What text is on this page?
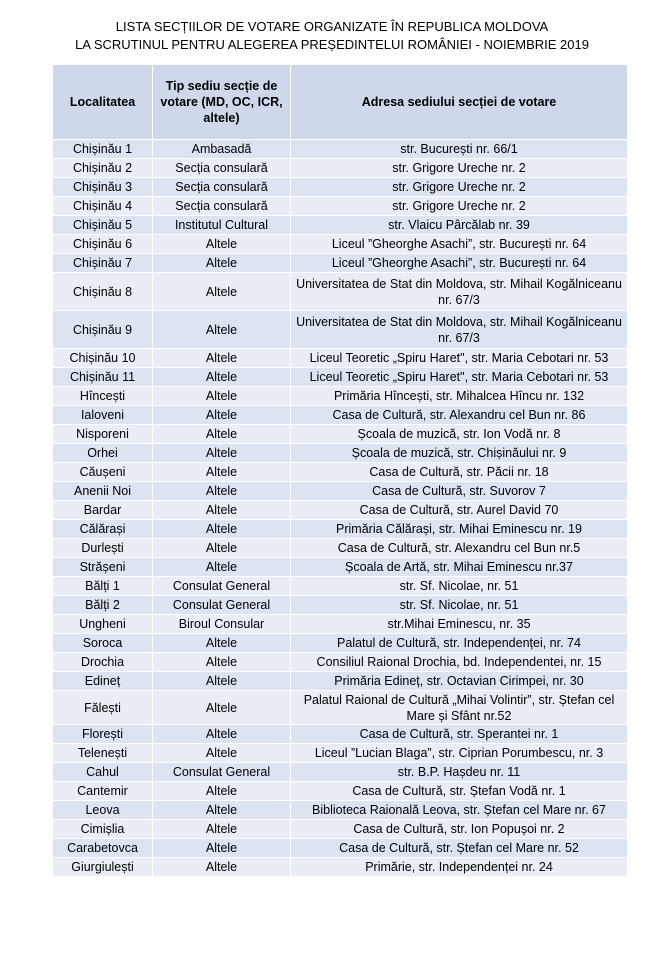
LISTA SECȚIILOR DE VOTARE ORGANIZATE ÎN REPUBLICA MOLDOVA
LA SCRUTINUL PENTRU ALEGEREA PREȘEDINTELUI ROMÂNIEI - NOIEMBRIE 2019
Localitatea	Tip sediu secție de votare (MD, OC, ICR, altele)	Adresa sediului secției de votare
Chișinău 1	Ambasadă	str. București nr. 66/1
Chișinău 2	Secția consulară	str. Grigore Ureche nr. 2
Chișinău 3	Secția consulară	str. Grigore Ureche nr. 2
Chișinău 4	Secția consulară	str. Grigore Ureche nr. 2
Chișinău 5	Institutul Cultural	str. Vlaicu Pârcălab nr. 39
Chișinău 6	Altele	Liceul ”Gheorghe Asachi”, str. București nr. 64
Chișinău 7	Altele	Liceul ”Gheorghe Asachi”, str. București nr. 64
Chișinău 8	Altele	Universitatea de Stat din Moldova, str. Mihail Kogălniceanu nr. 67/3
Chișinău 9	Altele	Universitatea de Stat din Moldova, str. Mihail Kogălniceanu nr. 67/3
Chișinău 10	Altele	Liceul Teoretic „Spiru Haret", str. Maria Cebotari nr. 53
Chișinău 11	Altele	Liceul Teoretic „Spiru Haret", str. Maria Cebotari nr. 53
Hîncești	Altele	Primăria Hîncești, str. Mihalcea Hîncu nr. 132
Ialoveni	Altele	Casa de Cultură, str. Alexandru cel Bun nr. 86
Nisporeni	Altele	Școala de muzică, str. Ion Vodă nr. 8
Orhei	Altele	Școala de muzică, str. Chișinăului nr. 9
Căușeni	Altele	Casa de Cultură, str. Păcii nr. 18
Anenii Noi	Altele	Casa de Cultură, str. Suvorov 7
Bardar	Altele	Casa de Cultură, str. Aurel David 70
Călărași	Altele	Primăria Călărași, str. Mihai Eminescu nr. 19
Durlești	Altele	Casa de Cultură, str. Alexandru cel Bun nr.5
Strășeni	Altele	Școala de Artă, str. Mihai Eminescu nr.37
Bălți 1	Consulat General	str. Sf. Nicolae, nr. 51
Bălți 2	Consulat General	str. Sf. Nicolae, nr. 51
Ungheni	Biroul Consular	str.Mihai Eminescu, nr. 35
Soroca	Altele	Palatul de Cultură, str. Independenței, nr. 74
Drochia	Altele	Consiliul Raional Drochia, bd. Independentei, nr. 15
Edineț	Altele	Primăria Edineț, str. Octavian Cirimpei, nr. 30
Fălești	Altele	Palatul Raional de Cultură „Mihai Volintir”, str. Ștefan cel Mare și Sfânt nr.52
Florești	Altele	Casa de Cultură, str. Sperantei nr. 1
Telenești	Altele	Liceul ”Lucian Blaga”, str. Ciprian Porumbescu, nr. 3
Cahul	Consulat General	str. B.P. Hașdeu nr. 11
Cantemir	Altele	Casa de Cultură, str. Ștefan Vodă nr. 1
Leova	Altele	Biblioteca Raională Leova, str. Ștefan cel Mare nr. 67
Cimișlia	Altele	Casa de Cultură, str. Ion Popușoi nr. 2
Carabetovca	Altele	Casa de Cultură, str. Ștefan cel Mare nr. 52
Giurgiulești	Altele	Primărie, str. Independenței nr. 24
